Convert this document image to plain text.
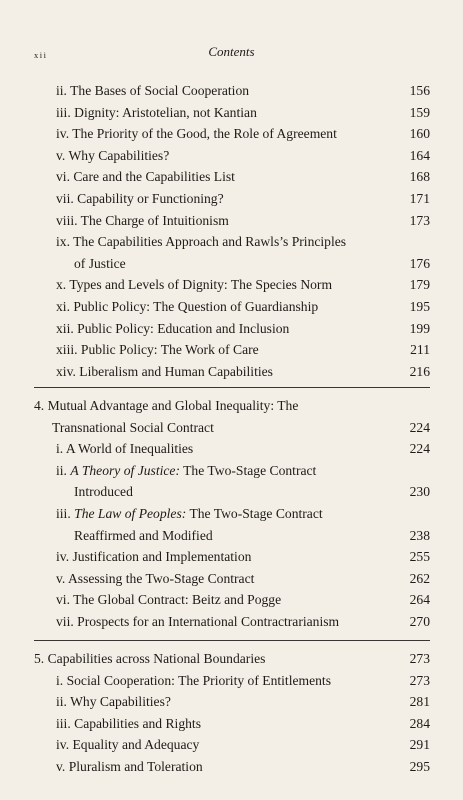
xii	Contents
ii. The Bases of Social Cooperation	156
iii. Dignity: Aristotelian, not Kantian	159
iv. The Priority of the Good, the Role of Agreement	160
v. Why Capabilities?	164
vi. Care and the Capabilities List	168
vii. Capability or Functioning?	171
viii. The Charge of Intuitionism	173
ix. The Capabilities Approach and Rawls’s Principles
of Justice	176
x. Types and Levels of Dignity: The Species Norm	179
xi. Public Policy: The Question of Guardianship	195
xii. Public Policy: Education and Inclusion	199
xiii. Public Policy: The Work of Care	211
xiv. Liberalism and Human Capabilities	216
4. Mutual Advantage and Global Inequality: The
Transnational Social Contract	224
i. A World of Inequalities	224
ii. A Theory of Justice: The Two-Stage Contract
Introduced	230
iii. The Law of Peoples: The Two-Stage Contract
Reaffirmed and Modified	238
iv. Justification and Implementation	255
v. Assessing the Two-Stage Contract	262
vi. The Global Contract: Beitz and Pogge	264
vii. Prospects for an International Contractrarianism	270
5. Capabilities across National Boundaries	273
i. Social Cooperation: The Priority of Entitlements	273
ii. Why Capabilities?	281
iii. Capabilities and Rights	284
iv. Equality and Adequacy	291
v. Pluralism and Toleration	295
